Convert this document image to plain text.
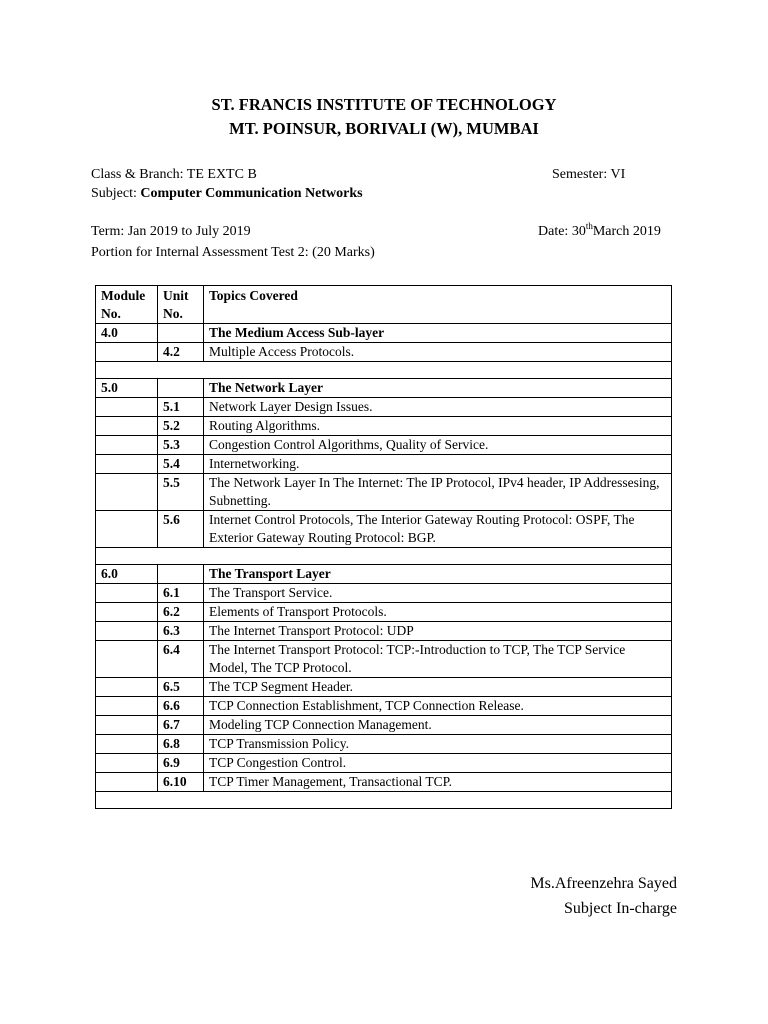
ST. FRANCIS INSTITUTE OF TECHNOLOGY
MT. POINSUR, BORIVALI (W), MUMBAI
Class & Branch: TE EXTC B	Semester: VI
Subject: Computer Communication Networks
Term: Jan 2019 to July 2019	Date: 30thMarch 2019
Portion for Internal Assessment Test 2: (20 Marks)
Module No.	Unit No.	Topics Covered
4.0		The Medium Access Sub-layer
	4.2	Multiple Access Protocols.

5.0		The Network Layer
	5.1	Network Layer Design Issues.
	5.2	Routing Algorithms.
	5.3	Congestion Control Algorithms, Quality of Service.
	5.4	Internetworking.
	5.5	The Network Layer In The Internet: The IP Protocol, IPv4 header, IP Addressesing, Subnetting.
	5.6	Internet Control Protocols, The Interior Gateway Routing Protocol: OSPF, The Exterior Gateway Routing Protocol: BGP.

6.0		The Transport Layer
	6.1	The Transport Service.
	6.2	Elements of Transport Protocols.
	6.3	The Internet Transport Protocol: UDP
	6.4	The Internet Transport Protocol: TCP:-Introduction to TCP, The TCP Service Model, The TCP Protocol.
	6.5	The TCP Segment Header.
	6.6	TCP Connection Establishment, TCP Connection Release.
	6.7	Modeling TCP Connection Management.
	6.8	TCP Transmission Policy.
	6.9	TCP Congestion Control.
	6.10	TCP Timer Management, Transactional TCP.

Ms.Afreenzehra Sayed
Subject In-charge
